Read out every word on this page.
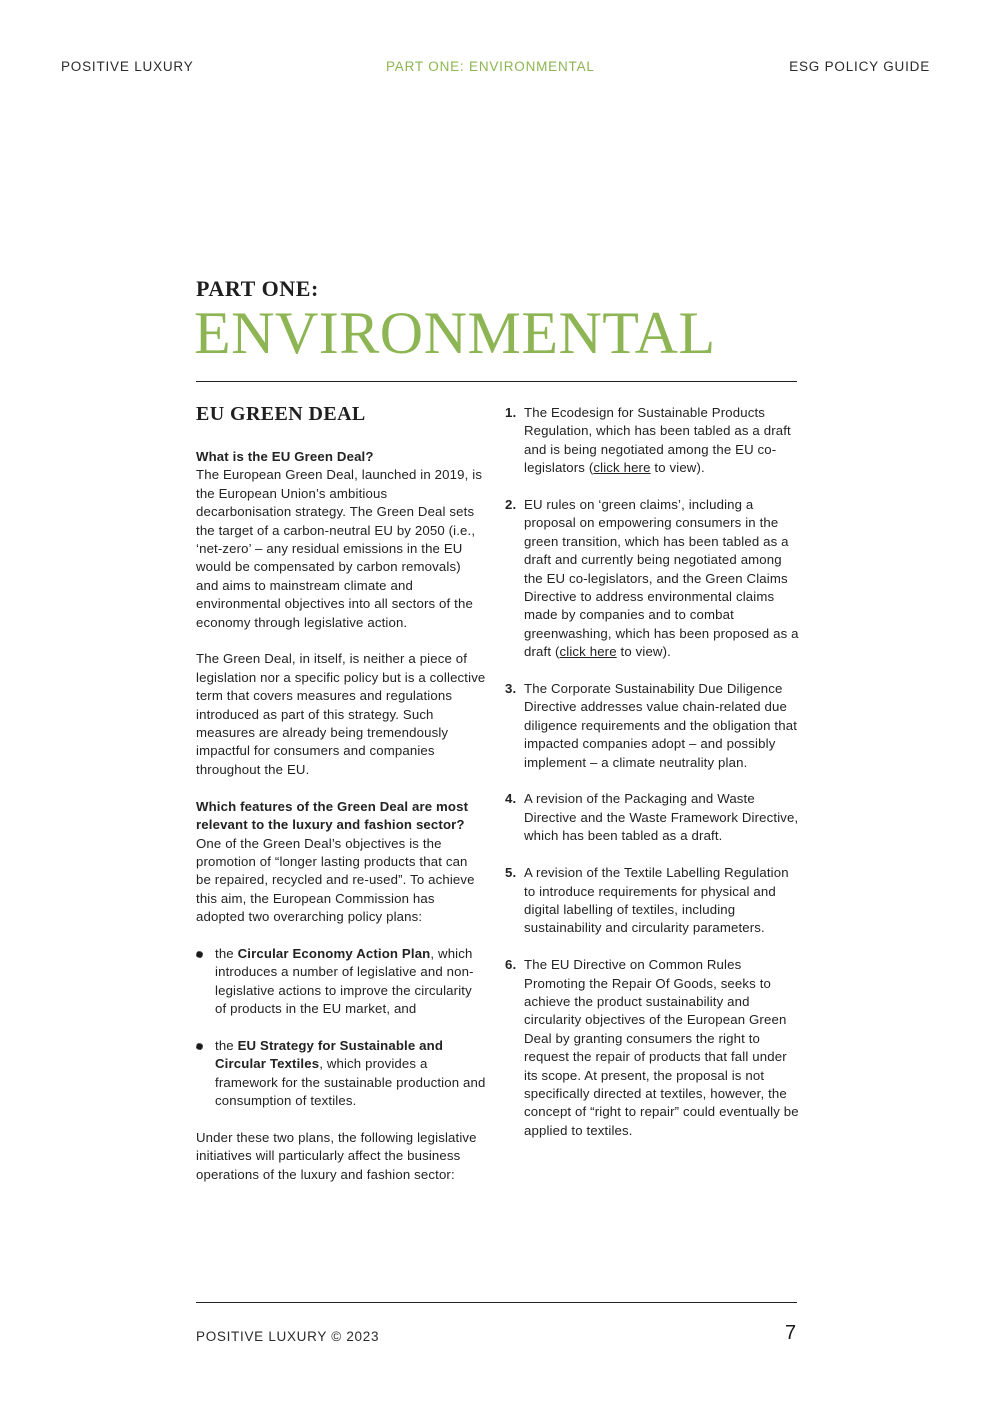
POSITIVE LUXURY	PART ONE: ENVIRONMENTAL	ESG POLICY GUIDE
PART ONE:
ENVIRONMENTAL
EU GREEN DEAL

What is the EU Green Deal?

The European Green Deal, launched in 2019, is the European Union’s ambitious decarbonisation strategy. The Green Deal sets the target of a carbon-neutral EU by 2050 (i.e., ‘net-zero’ – any residual emissions in the EU would be compensated by carbon removals) and aims to mainstream climate and environmental objectives into all sectors of the economy through legislative action.

The Green Deal, in itself, is neither a piece of legislation nor a specific policy but is a collective term that covers measures and regulations introduced as part of this strategy. Such measures are already being tremendously impactful for consumers and companies throughout the EU.

Which features of the Green Deal are most relevant to the luxury and fashion sector?

One of the Green Deal’s objectives is the promotion of “longer lasting products that can be repaired, recycled and re-used”. To achieve this aim, the European Commission has adopted two overarching policy plans:

the Circular Economy Action Plan, which introduces a number of legislative and non-legislative actions to improve the circularity of products in the EU market, and
the EU Strategy for Sustainable and Circular Textiles, which provides a framework for the sustainable production and consumption of textiles.

Under these two plans, the following legislative initiatives will particularly affect the business operations of the luxury and fashion sector:

1. The Ecodesign for Sustainable Products Regulation, which has been tabled as a draft and is being negotiated among the EU co-legislators (click here to view).
2. EU rules on ‘green claims’, including a proposal on empowering consumers in the green transition, which has been tabled as a draft and currently being negotiated among the EU co-legislators, and the Green Claims Directive to address environmental claims made by companies and to combat greenwashing, which has been proposed as a draft (click here to view).
3. The Corporate Sustainability Due Diligence Directive addresses value chain-related due diligence requirements and the obligation that impacted companies adopt – and possibly implement – a climate neutrality plan.
4. A revision of the Packaging and Waste Directive and the Waste Framework Directive, which has been tabled as a draft.
5. A revision of the Textile Labelling Regulation to introduce requirements for physical and digital labelling of textiles, including sustainability and circularity parameters.
6. The EU Directive on Common Rules Promoting the Repair Of Goods, seeks to achieve the product sustainability and circularity objectives of the European Green Deal by granting consumers the right to request the repair of products that fall under its scope. At present, the proposal is not specifically directed at textiles, however, the concept of “right to repair” could eventually be applied to textiles.
POSITIVE LUXURY © 2023	7
